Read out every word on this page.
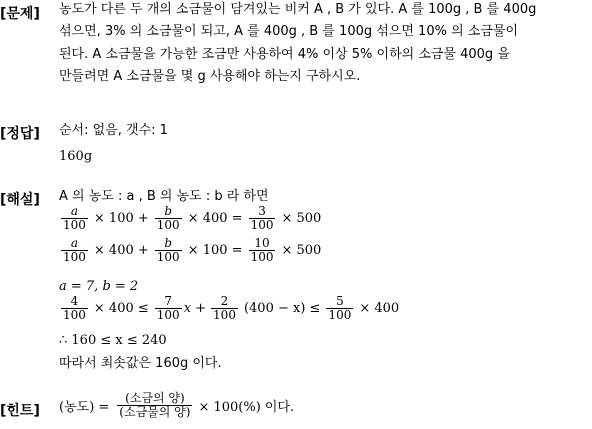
[문제] 농도가 다른 두 개의 소금물이 담겨있는 비커 A , B 가 있다. A 를 100g , B 를 400g
섞으면, 3% 의 소금물이 되고, A 를 400g , B 를 100g 섞으면 10% 의 소금물이
된다. A 소금물을 가능한 조금만 사용하여 4% 이상 5% 이하의 소금물 400g 을
만들려면 A 소금물을 몇 g 사용해야 하는지 구하시오.
[정답] 순서: 없음, 갯수: 1
160g
[해설] A 의 농도 : a , B 의 농도 : b 라 하면
$\frac{a}{100} \times 100 + \frac{b}{100} \times 400 = \frac{3}{100} \times 500$
$\frac{a}{100} \times 400 + \frac{b}{100} \times 100 = \frac{10}{100} \times 500$
a = 7, b = 2
$\frac{4}{100} \times 400 \le \frac{7}{100}$ $x + \frac{2}{100} (400 - x) \le \frac{5}{100} \times 400$
∴ 160 ≤ x ≤ 240
따라서 최솟값은 160g 이다.
[힌트] (농도) = $\frac{\text{(소금의 양)}}{\text{(소금물의 양)}} \times 100(\%)$ 이다.
